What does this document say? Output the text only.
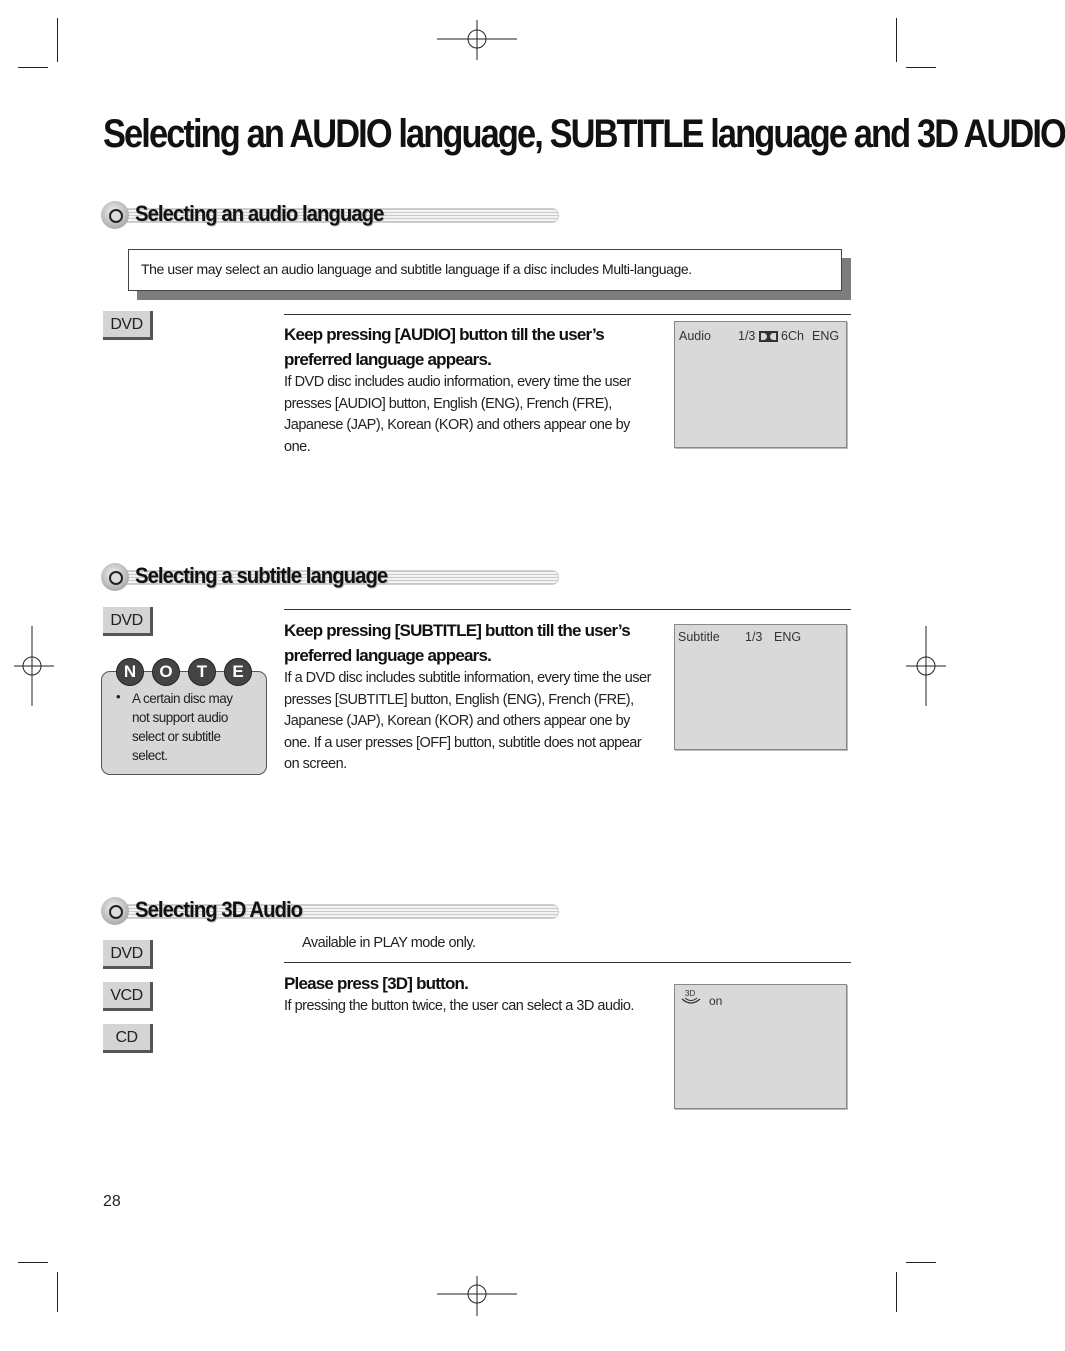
Selecting an AUDIO language, SUBTITLE language and 3D AUDIO
Selecting an audio language
The user may select an audio language and subtitle language if a disc includes Multi-language.
DVD
Keep pressing [AUDIO] button till the user’s preferred language appears.
If DVD disc includes audio information, every time the user presses [AUDIO] button, English (ENG), French (FRE), Japanese (JAP), Korean (KOR) and others appear one by one.
Audio 1/3 6Ch ENG
Selecting a subtitle language
DVD
N	O	T	E
• A certain disc may not support audio select or subtitle select.
Keep pressing [SUBTITLE] button till the user’s preferred language appears.
If a DVD disc includes subtitle information, every time the user presses [SUBTITLE] button, English (ENG), French (FRE), Japanese (JAP), Korean (KOR) and others appear one by one. If a user presses [OFF] button, subtitle does not appear on screen.
Subtitle 1/3 ENG
Selecting 3D Audio
Available in PLAY mode only.
DVD
VCD
CD
Please press [3D] button.
If pressing the button twice, the user can select a 3D audio.
3D
on
28
